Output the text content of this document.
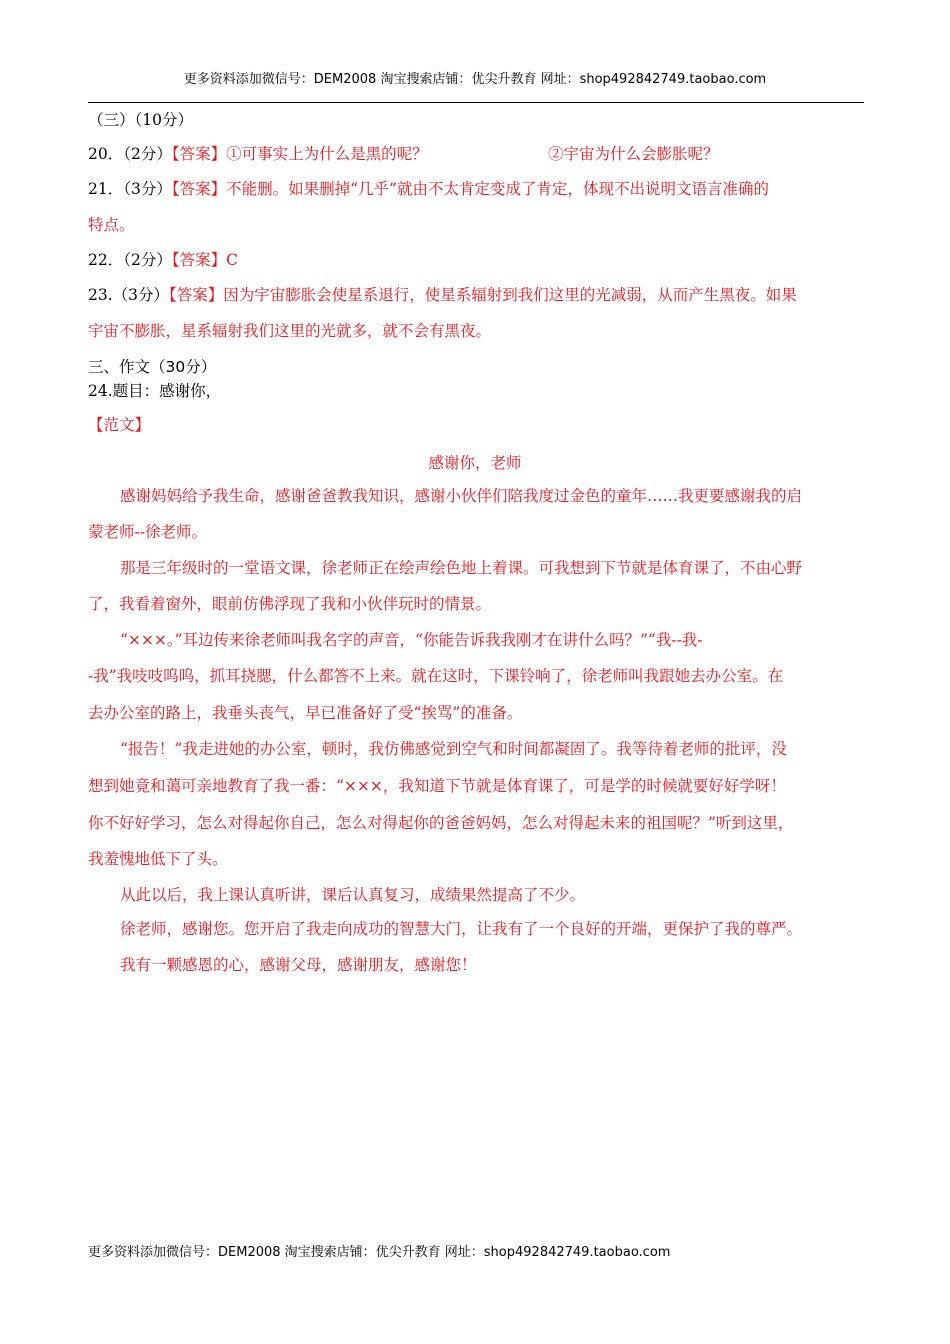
更多资料添加微信号：DEM2008 淘宝搜索店铺：优尖升教育 网址：shop492842749.taobao.com
（三）（10分）
20．（2分）【答案】①可事实上为什么是黑的呢？	②宇宙为什么会膨胀呢？
21．（3分）【答案】不能删。如果删掉“几乎”就由不太肯定变成了肯定，体现不出说明文语言准确的
特点。
22．（2分）【答案】C
23.（3分）【答案】因为宇宙膨胀会使星系退行，使星系辐射到我们这里的光减弱，从而产生黑夜。如果
宇宙不膨胀，星系辐射我们这里的光就多，就不会有黑夜。
三、作文（30分）
24.题目：感谢你，
【范文】
感谢你，老师
感谢妈妈给予我生命，感谢爸爸教我知识，感谢小伙伴们陪我度过金色的童年……我更要感谢我的启
蒙老师--徐老师。
那是三年级时的一堂语文课，徐老师正在绘声绘色地上着课。可我想到下节就是体育课了，不由心野
了，我看着窗外，眼前仿佛浮现了我和小伙伴玩时的情景。
“×××。”耳边传来徐老师叫我名字的声音，“你能告诉我我刚才在讲什么吗？”“我--我-
-我”我吱吱呜呜，抓耳挠腮，什么都答不上来。就在这时，下课铃响了，徐老师叫我跟她去办公室。在
去办公室的路上，我垂头丧气，早已准备好了受“挨骂”的准备。
“报告！”我走进她的办公室，顿时，我仿佛感觉到空气和时间都凝固了。我等待着老师的批评，没
想到她竟和蔼可亲地教育了我一番：“×××，我知道下节就是体育课了，可是学的时候就要好好学呀！
你不好好学习，怎么对得起你自己，怎么对得起你的爸爸妈妈，怎么对得起未来的祖国呢？”听到这里，
我羞愧地低下了头。
从此以后，我上课认真听讲，课后认真复习，成绩果然提高了不少。
徐老师，感谢您。您开启了我走向成功的智慧大门，让我有了一个良好的开端，更保护了我的尊严。
我有一颗感恩的心，感谢父母，感谢朋友，感谢您！
更多资料添加微信号：DEM2008 淘宝搜索店铺：优尖升教育 网址：shop492842749.taobao.com
